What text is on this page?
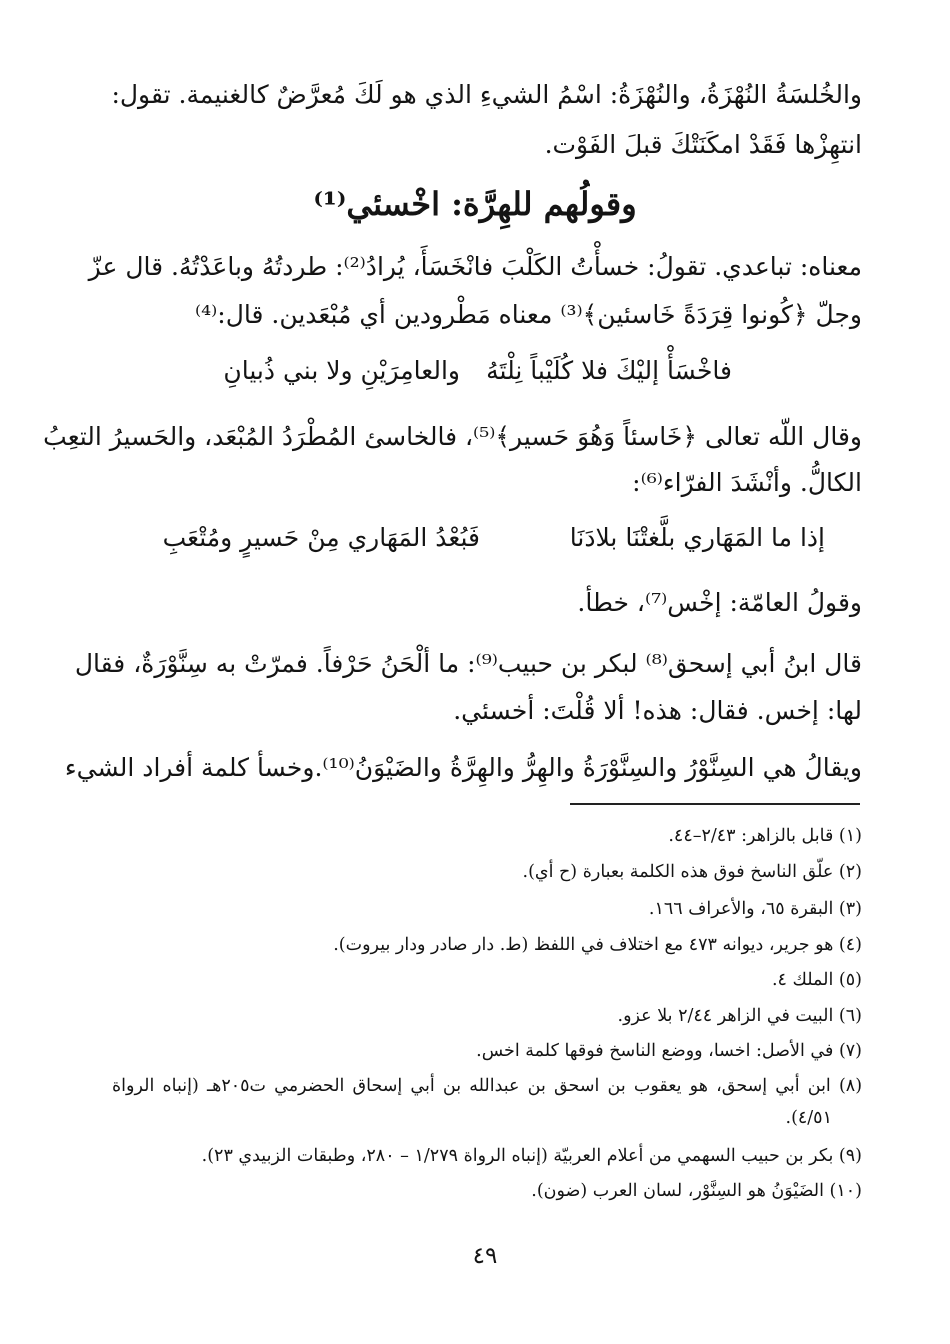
والخُلسَةُ النُهْزَةُ، والنُهْزَةُ: اسْمُ الشيءِ الذي هو لَكَ مُعرَّضٌ كالغنيمة. تقول:
انتهِزْها فَقَدْ امكَنَتْكَ قبلَ الفَوْت.
وقولُهم للهِرَّة: اخْسئي⁽¹⁾
معناه: تباعدي. تقولُ: خسأْتُ الكَلْبَ فانْخَسَأَ، يُرادُ⁽²⁾: طردتُهُ وباعَدْتُهُ. قال عزّ
وجلّ ﴿كُونوا قِرَدَةً خَاسئين﴾⁽³⁾ معناه مَطْرودين أي مُبْعَدين. قال:⁽⁴⁾
فاخْسَأْ إليْكَ فلا كُلَيْباً نِلْتَهُ
والعامِرَيْنِ ولا بني ذُبيانِ
وقال اللّه تعالى ﴿خَاسئاً وَهُوَ حَسير﴾⁽⁵⁾، فالخاسئ المُطْرَدُ المُبْعَد، والحَسيرُ التعِبُ
الكالُّ. وأنْشَدَ الفرّاء⁽⁶⁾:
إذا ما المَهَاري بلَّغتْنَا بلادَنَا
فَبُعْدُ المَهَاري مِنْ حَسيرٍ ومُتْعَبِ
وقولُ العامّة: إخْس⁽⁷⁾، خطأ.
قال ابنُ أبي إسحق⁽⁸⁾ لبكر بن حبيب⁽⁹⁾: ما ألْحَنُ حَرْفاً. فمرّتْ به سِنَّوْرَةٌ، فقال
لها: إخس. فقال: هذه! ألا قُلْتَ: أخسئي.
ويقالُ هي السِنَّوْرُ والسِنَّوْرَةُ والهِرُّ والهِرَّةُ والضَيْوَنُ⁽¹⁰⁾.وخسأ كلمة أفراد الشيء
(١) قابل بالزاهر: ٢/٤٣–٤٤.
(٢) علّق الناسخ فوق هذه الكلمة بعبارة (ح أي).
(٣) البقرة ٦٥، والأعراف ١٦٦.
(٤) هو جرير، ديوانه ٤٧٣ مع اختلاف في اللفظ (ط. دار صادر ودار بيروت).
(٥) الملك ٤.
(٦) البيت في الزاهر ٢/٤٤ بلا عزو.
(٧) في الأصل: اخسا، ووضع الناسخ فوقها كلمة اخس.
(٨) ابن أبي إسحق، هو يعقوب بن اسحق بن عبدالله بن أبي إسحاق الحضرمي ت٢٠٥هـ (إنباه الرواة
٤/٥١).
(٩) بكر بن حبيب السهمي من أعلام العربيّة (إنباه الرواة ١/٢٧٩ – ٢٨٠، وطبقات الزبيدي ٢٣).
(١٠) الضَيْوَنُ هو السِنَّوْر، لسان العرب (ضون).
٤٩
